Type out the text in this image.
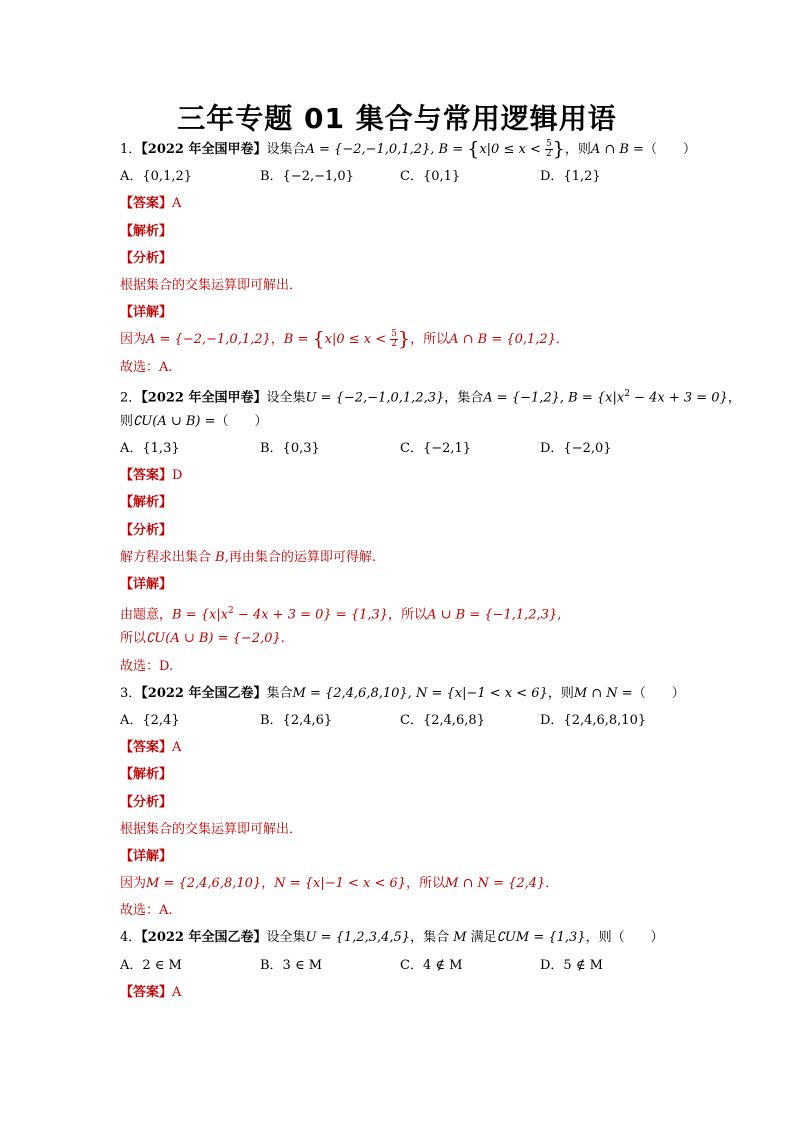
三年专题 01 集合与常用逻辑用语
1．【2022 年全国甲卷】设集合A = {−2,−1,0,1,2}, $B = \{x|0 \le x < \frac{5}{2}$ }，则A ∩ B =（　　）
A．{0,1,2}	B．{−2,−1,0}	C．{0,1}	D．{1,2}
【答案】A
【解析】
【分析】
根据集合的交集运算即可解出．
【详解】
因为A = {−2,−1,0,1,2}，$B = \{x|0 \le x < \frac{5}{2}$ }，所以A ∩ B = {0,1,2}．
故选：A.
2．【2022 年全国甲卷】设全集U = {−2,−1,0,1,2,3}，集合A = {−1,2}, $B = \{x|x^2 - 4x + 3 = 0\}$，
则∁U(A ∪ B) =（　　）
A．{1,3}	B．{0,3}	C．{−2,1}	D．{−2,0}
【答案】D
【解析】
【分析】
解方程求出集合 B,再由集合的运算即可得解.
【详解】
由题意，$B = \{x|x^2 - 4x + 3 = 0\} = \{1,3\}$，所以A ∪ B = {−1,1,2,3},
所以∁U(A ∪ B) = {−2,0}.
故选：D.
3．【2022 年全国乙卷】集合M = {2,4,6,8,10}, N = {x|−1 < x < 6}，则M ∩ N =（　　）
A．{2,4}	B．{2,4,6}	C．{2,4,6,8}	D．{2,4,6,8,10}
【答案】A
【解析】
【分析】
根据集合的交集运算即可解出．
【详解】
因为M = {2,4,6,8,10}，N = {x|−1 < x < 6}，所以M ∩ N = {2,4}．
故选：A.
4．【2022 年全国乙卷】设全集U = {1,2,3,4,5}，集合 M 满足∁UM = {1,3}，则（　　）
A．2 ∈ M	B．3 ∈ M	C．4 ∉ M	D．5 ∉ M
【答案】A
